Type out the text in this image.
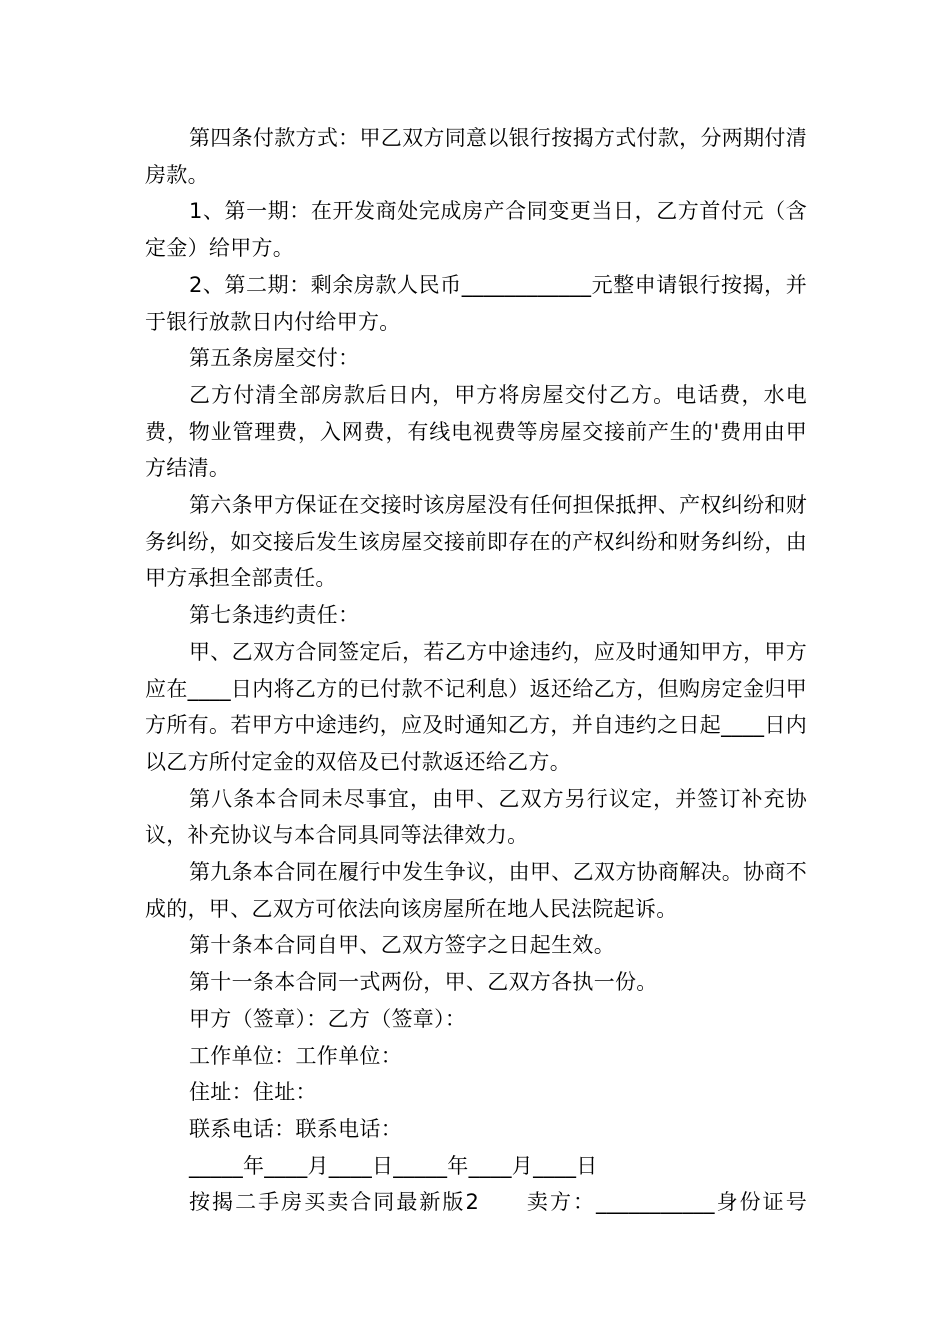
第四条付款方式：甲乙双方同意以银行按揭方式付款，分两期付清房款。

1、第一期：在开发商处完成房产合同变更当日，乙方首付元（含定金）给甲方。

2、第二期：剩余房款人民币____________元整申请银行按揭，并于银行放款日内付给甲方。

第五条房屋交付：

乙方付清全部房款后日内，甲方将房屋交付乙方。电话费，水电费，物业管理费，入网费，有线电视费等房屋交接前产生的'费用由甲方结清。

第六条甲方保证在交接时该房屋没有任何担保抵押、产权纠纷和财务纠纷，如交接后发生该房屋交接前即存在的产权纠纷和财务纠纷，由甲方承担全部责任。

第七条违约责任：

甲、乙双方合同签定后，若乙方中途违约，应及时通知甲方，甲方应在____日内将乙方的已付款不记利息）返还给乙方，但购房定金归甲方所有。若甲方中途违约，应及时通知乙方，并自违约之日起____日内以乙方所付定金的双倍及已付款返还给乙方。

第八条本合同未尽事宜，由甲、乙双方另行议定，并签订补充协议，补充协议与本合同具同等法律效力。

第九条本合同在履行中发生争议，由甲、乙双方协商解决。协商不成的，甲、乙双方可依法向该房屋所在地人民法院起诉。

第十条本合同自甲、乙双方签字之日起生效。

第十一条本合同一式两份，甲、乙双方各执一份。

甲方（签章）：乙方（签章）：

工作单位：工作单位：

住址：住址：

联系电话：联系电话：

_____年____月____日_____年____月____日

按揭二手房买卖合同最新版2　　卖方：___________身份证号
